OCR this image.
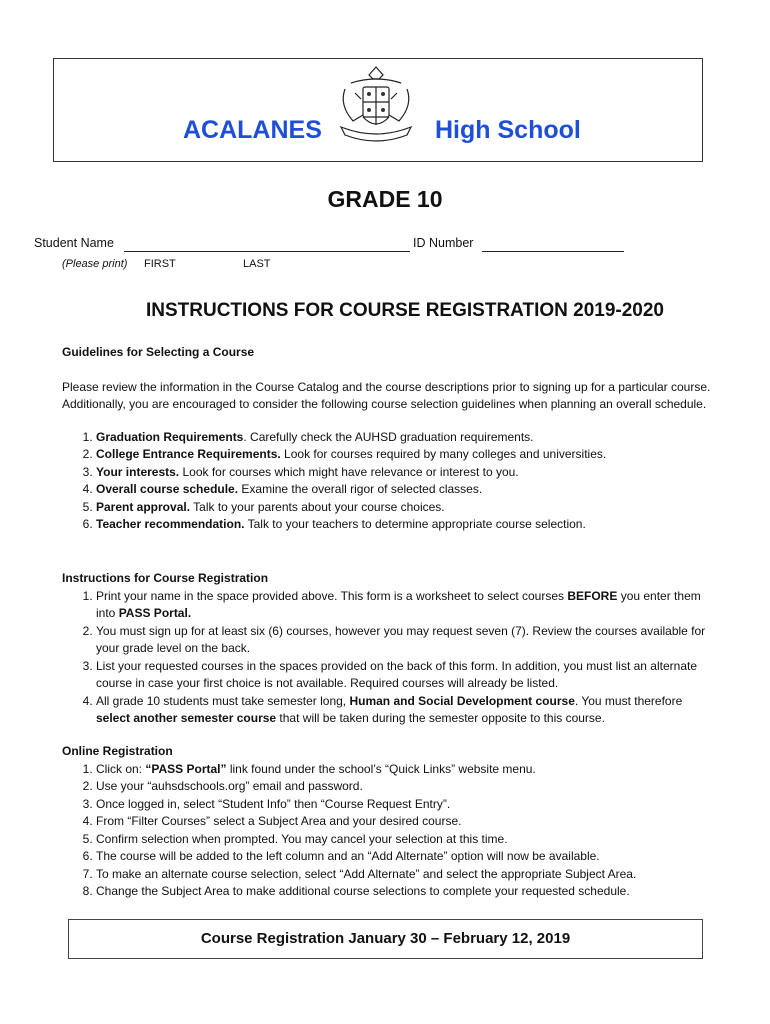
ACALANES	High School
GRADE 10
Student Name	ID Number
(Please print) FIRST	LAST
INSTRUCTIONS FOR COURSE REGISTRATION 2019-2020
Guidelines for Selecting a Course
Please review the information in the Course Catalog and the course descriptions prior to signing up for a particular course. Additionally, you are encouraged to consider the following course selection guidelines when planning an overall schedule.
1. Graduation Requirements. Carefully check the AUHSD graduation requirements.
2. College Entrance Requirements. Look for courses required by many colleges and universities.
3. Your interests. Look for courses which might have relevance or interest to you.
4. Overall course schedule. Examine the overall rigor of selected classes.
5. Parent approval. Talk to your parents about your course choices.
6. Teacher recommendation. Talk to your teachers to determine appropriate course selection.
Instructions for Course Registration
1. Print your name in the space provided above. This form is a worksheet to select courses BEFORE you enter them into PASS Portal.
2. You must sign up for at least six (6) courses, however you may request seven (7). Review the courses available for your grade level on the back.
3. List your requested courses in the spaces provided on the back of this form. In addition, you must list an alternate course in case your first choice is not available. Required courses will already be listed.
4. All grade 10 students must take semester long, Human and Social Development course. You must therefore select another semester course that will be taken during the semester opposite to this course.
Online Registration
1. Click on: “PASS Portal” link found under the school’s “Quick Links” website menu.
2. Use your “auhsdschools.org” email and password.
3. Once logged in, select “Student Info” then “Course Request Entry”.
4. From “Filter Courses” select a Subject Area and your desired course.
5. Confirm selection when prompted. You may cancel your selection at this time.
6. The course will be added to the left column and an “Add Alternate” option will now be available.
7. To make an alternate course selection, select “Add Alternate” and select the appropriate Subject Area.
8. Change the Subject Area to make additional course selections to complete your requested schedule.
Course Registration January 30 – February 12, 2019
